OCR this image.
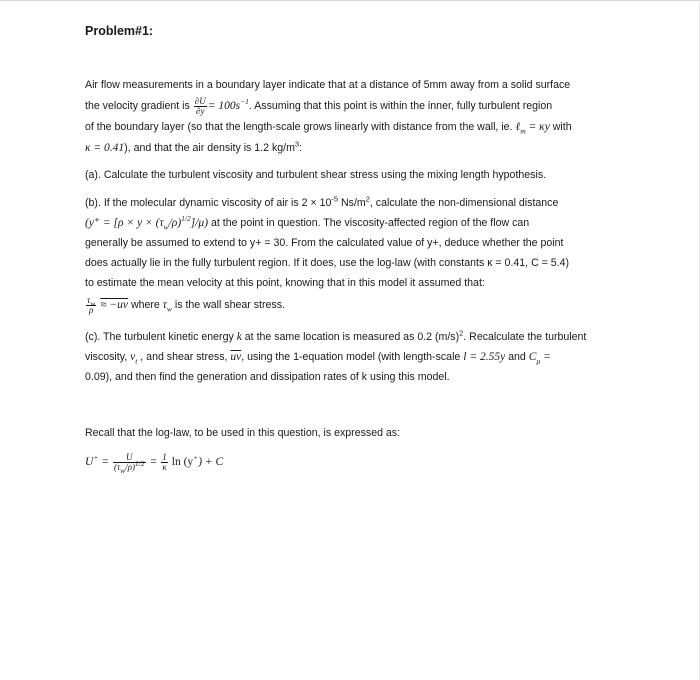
Problem#1:
Air flow measurements in a boundary layer indicate that at a distance of 5mm away from a solid surface
the velocity gradient is $\frac{\partial U}{\partial y} = 100s^{-1}$. Assuming that this point is within the inner, fully turbulent region
of the boundary layer (so that the length-scale grows linearly with distance from the wall, ie. ℓ$_m$ = κy with
κ = 0.41), and that the air density is 1.2 $kg/m^3$:
(a). Calculate the turbulent viscosity and turbulent shear stress using the mixing length hypothesis.
(b). If the molecular dynamic viscosity of air is $2 \times 10^{-5}$ $Ns/m^2$, calculate the non-dimensional distance
$(y^+ = [\rho \times y \times (\tau_w/\rho)^{1/2}]/\mu)$ at the point in question. The viscosity-affected region of the flow can
generally be assumed to extend to y+ = 30. From the calculated value of y+, deduce whether the point
does actually lie in the fully turbulent region. If it does, use the log-law (with constants κ = 0.41, C = 5.4)
to estimate the mean velocity at this point, knowing that in this model it assumed that:
$\frac{\tau_w}{\rho} \approx -uv$ where $\tau_w$ is the wall shear stress.
(c). The turbulent kinetic energy k at the same location is measured as 0.2 $(m/s)^2$. Recalculate the turbulent
viscosity, $\nu_t$ , and shear stress, $\overline{uv}$, using the 1-equation model (with length-scale l = 2.55y and $C_\mu$ =
0.09), and then find the generation and dissipation rates of k using this model.
Recall that the log-law, to be used in this question, is expressed as:
$U^+ = \frac{U}{(\tau_w/\rho)^{1/2}} = \frac{1}{\kappa}$ ln (y+) + C
